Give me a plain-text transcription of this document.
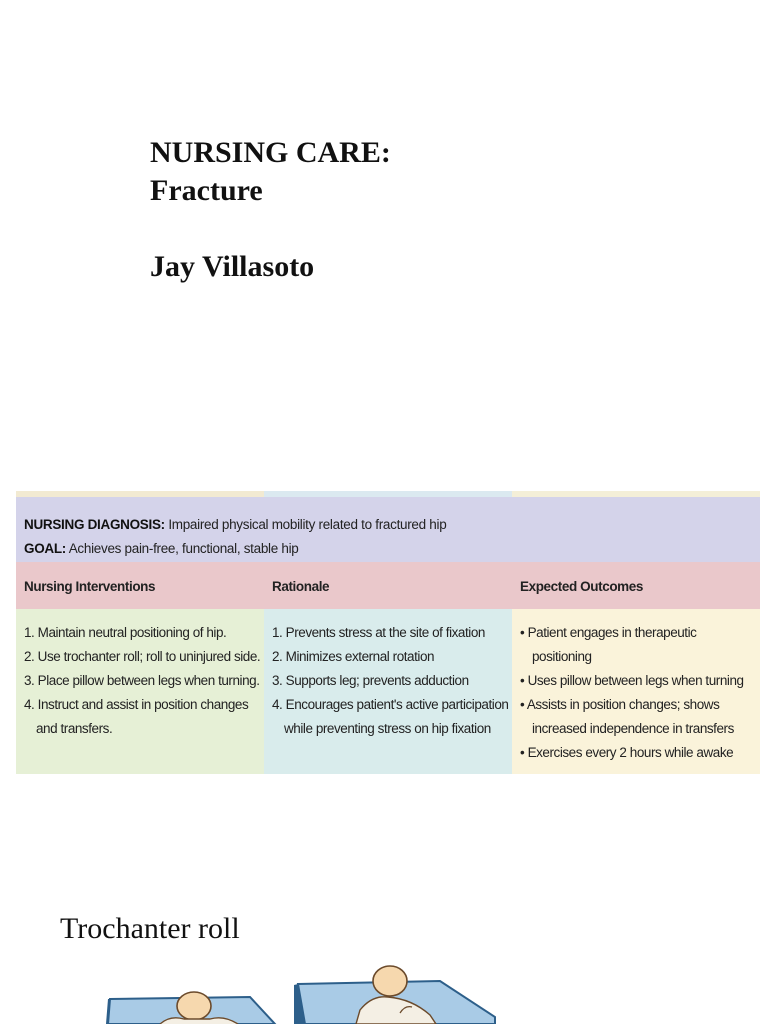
NURSING CARE:
Fracture
Jay Villasoto
NURSING DIAGNOSIS: Impaired physical mobility related to fractured hip
GOAL: Achieves pain-free, functional, stable hip
Nursing Interventions	Rationale	Expected Outcomes
1. Maintain neutral positioning of hip.
2. Use trochanter roll; roll to uninjured side.
3. Place pillow between legs when turning.
4. Instruct and assist in position changes
and transfers.
1. Prevents stress at the site of fixation
2. Minimizes external rotation
3. Supports leg; prevents adduction
4. Encourages patient's active participation
while preventing stress on hip fixation
• Patient engages in therapeutic
positioning
• Uses pillow between legs when turning
• Assists in position changes; shows
increased independence in transfers
• Exercises every 2 hours while awake
Trochanter roll
